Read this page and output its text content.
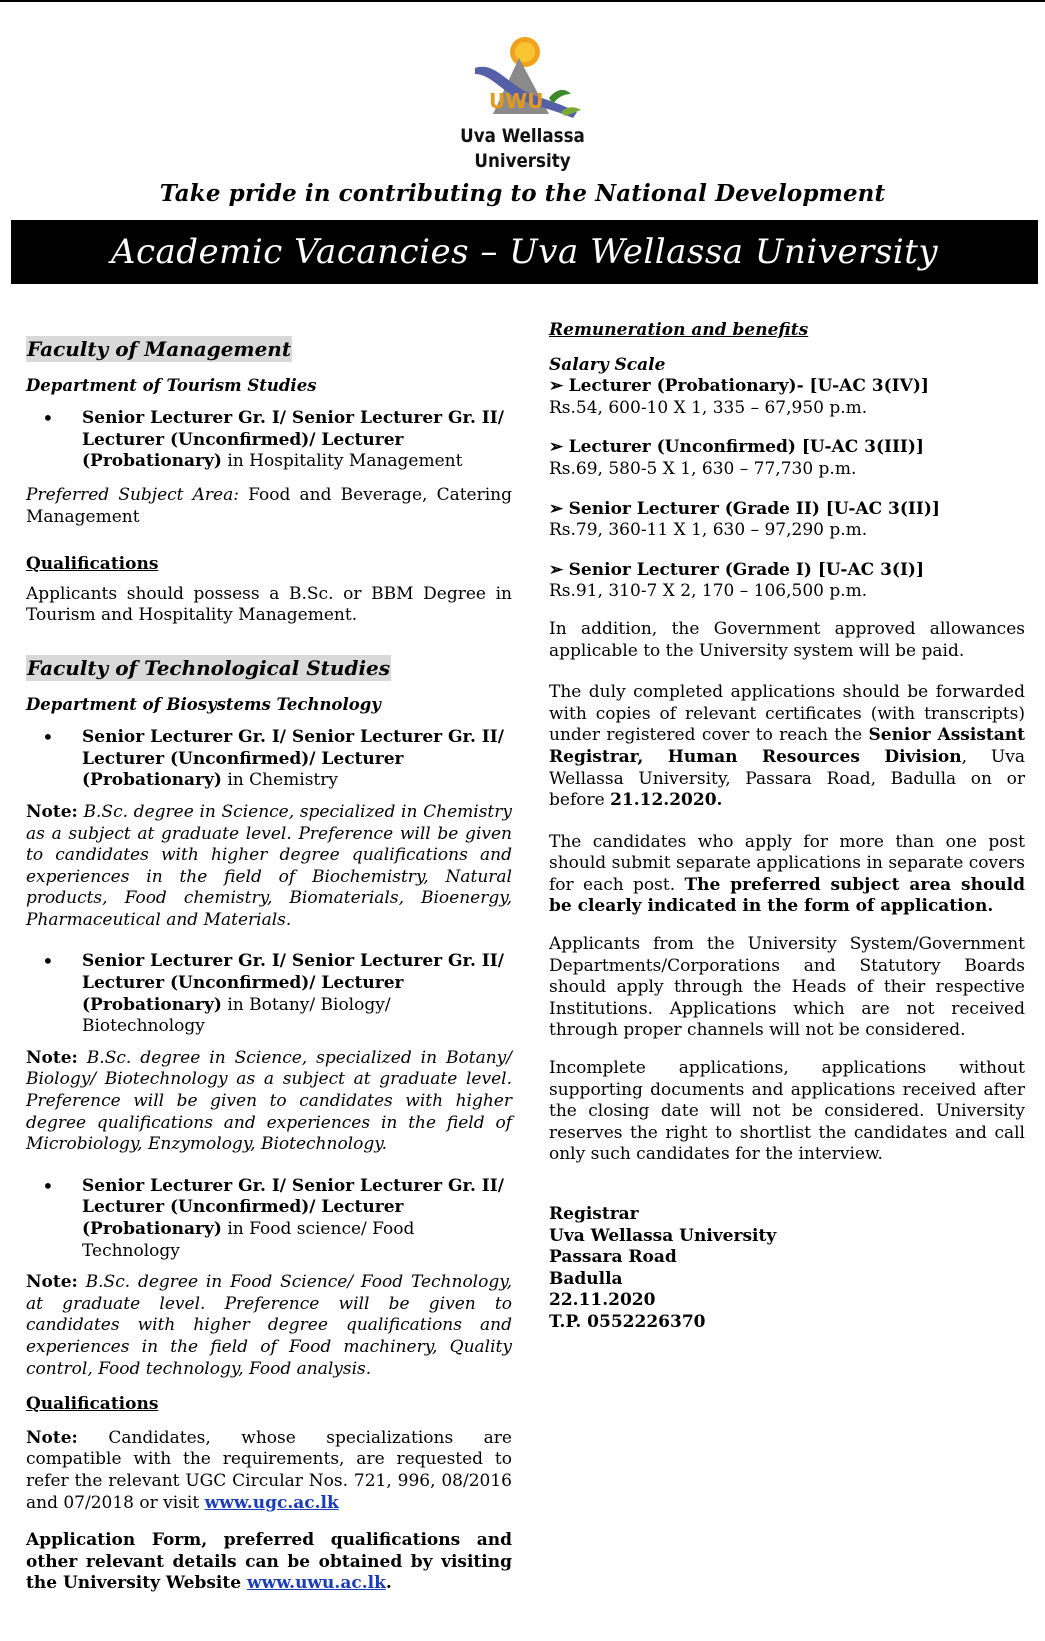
UWU
Uva Wellassa
University
Take pride in contributing to the National Development
Academic Vacancies – Uva Wellassa University
Faculty of Management
Department of Tourism Studies
•	Senior Lecturer Gr. I/ Senior Lecturer Gr. II/ Lecturer (Unconfirmed)/ Lecturer (Probationary) in Hospitality Management
Preferred Subject Area: Food and Beverage, Catering Management
Qualifications
Applicants should possess a B.Sc. or BBM Degree in Tourism and Hospitality Management.
Faculty of Technological Studies
Department of Biosystems Technology
•	Senior Lecturer Gr. I/ Senior Lecturer Gr. II/ Lecturer (Unconfirmed)/ Lecturer (Probationary) in Chemistry
Note: B.Sc. degree in Science, specialized in Chemistry as a subject at graduate level. Preference will be given to candidates with higher degree qualifications and experiences in the field of Biochemistry, Natural products, Food chemistry, Biomaterials, Bioenergy, Pharmaceutical and Materials.
•	Senior Lecturer Gr. I/ Senior Lecturer Gr. II/ Lecturer (Unconfirmed)/ Lecturer (Probationary) in Botany/ Biology/ Biotechnology
Note: B.Sc. degree in Science, specialized in Botany/ Biology/ Biotechnology as a subject at graduate level. Preference will be given to candidates with higher degree qualifications and experiences in the field of Microbiology, Enzymology, Biotechnology.
•	Senior Lecturer Gr. I/ Senior Lecturer Gr. II/ Lecturer (Unconfirmed)/ Lecturer (Probationary) in Food science/ Food Technology
Note: B.Sc. degree in Food Science/ Food Technology, at graduate level. Preference will be given to candidates with higher degree qualifications and experiences in the field of Food machinery, Quality control, Food technology, Food analysis.
Qualifications
Note: Candidates, whose specializations are compatible with the requirements, are requested to refer the relevant UGC Circular Nos. 721, 996, 08/2016 and 07/2018 or visit www.ugc.ac.lk
Application Form, preferred qualifications and other relevant details can be obtained by visiting the University Website www.uwu.ac.lk.
Remuneration and benefits
Salary Scale
➢ Lecturer (Probationary)- [U-AC 3(IV)]
Rs.54, 600-10 X 1, 335 – 67,950 p.m.
➢ Lecturer (Unconfirmed) [U-AC 3(III)]
Rs.69, 580-5 X 1, 630 – 77,730 p.m.
➢ Senior Lecturer (Grade II) [U-AC 3(II)]
Rs.79, 360-11 X 1, 630 – 97,290 p.m.
➢ Senior Lecturer (Grade I) [U-AC 3(I)]
Rs.91, 310-7 X 2, 170 – 106,500 p.m.
In addition, the Government approved allowances applicable to the University system will be paid.
The duly completed applications should be forwarded with copies of relevant certificates (with transcripts) under registered cover to reach the Senior Assistant Registrar, Human Resources Division, Uva Wellassa University, Passara Road, Badulla on or before 21.12.2020.
The candidates who apply for more than one post should submit separate applications in separate covers for each post. The preferred subject area should be clearly indicated in the form of application.
Applicants from the University System/Government Departments/Corporations and Statutory Boards should apply through the Heads of their respective Institutions. Applications which are not received through proper channels will not be considered.
Incomplete applications, applications without supporting documents and applications received after the closing date will not be considered. University reserves the right to shortlist the candidates and call only such candidates for the interview.
Registrar
Uva Wellassa University
Passara Road
Badulla
22.11.2020
T.P. 0552226370
